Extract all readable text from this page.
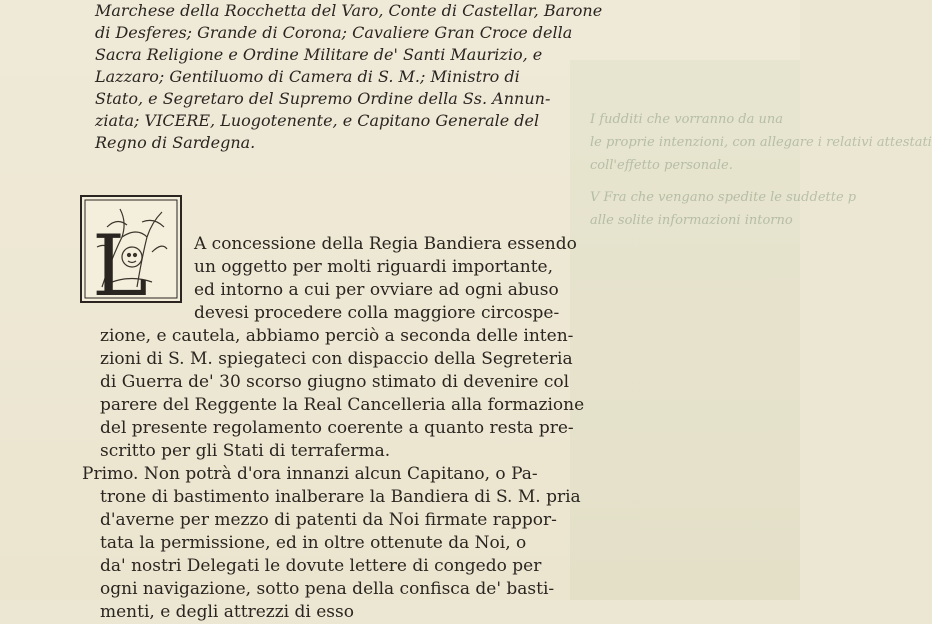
I fudditi che vorranno da una
le proprie intenzioni, con allegare i relativi attestati
coll'effetto personale.
V Fra che vengano spedite le suddette p
alle solite informazioni intorno
Marchese della Rocchetta del Varo, Conte di Castellar, Barone
di Desferes; Grande di Corona; Cavaliere Gran Croce della
Sacra Religione e Ordine Militare de' Santi Maurizio, e
Lazzaro; Gentiluomo di Camera di S. M.; Ministro di
Stato, e Segretaro del Supremo Ordine della Ss. Annun-
ziata; VICERE, Luogotenente, e Capitano Generale del
Regno di Sardegna.
L	A concessione della Regia Bandiera essendo
un oggetto per molti riguardi importante,
ed intorno a cui per ovviare ad ogni abuso
devesi procedere colla maggiore circospe-
zione, e cautela, abbiamo perciò a seconda delle inten-
zioni di S. M. spiegateci con dispaccio della Segreteria
di Guerra de' 30 scorso giugno stimato di devenire col
parere del Reggente la Real Cancelleria alla formazione
del presente regolamento coerente a quanto resta pre-
scritto per gli Stati di terraferma.
Primo. Non potrà d'ora innanzi alcun Capitano, o Pa-
trone di bastimento inalberare la Bandiera di S. M. pria
d'averne per mezzo di patenti da Noi firmate rappor-
tata la permissione, ed in oltre ottenute da Noi, o
da' nostri Delegati le dovute lettere di congedo per
ogni navigazione, sotto pena della confisca de' basti-
menti, e degli attrezzi di esso
